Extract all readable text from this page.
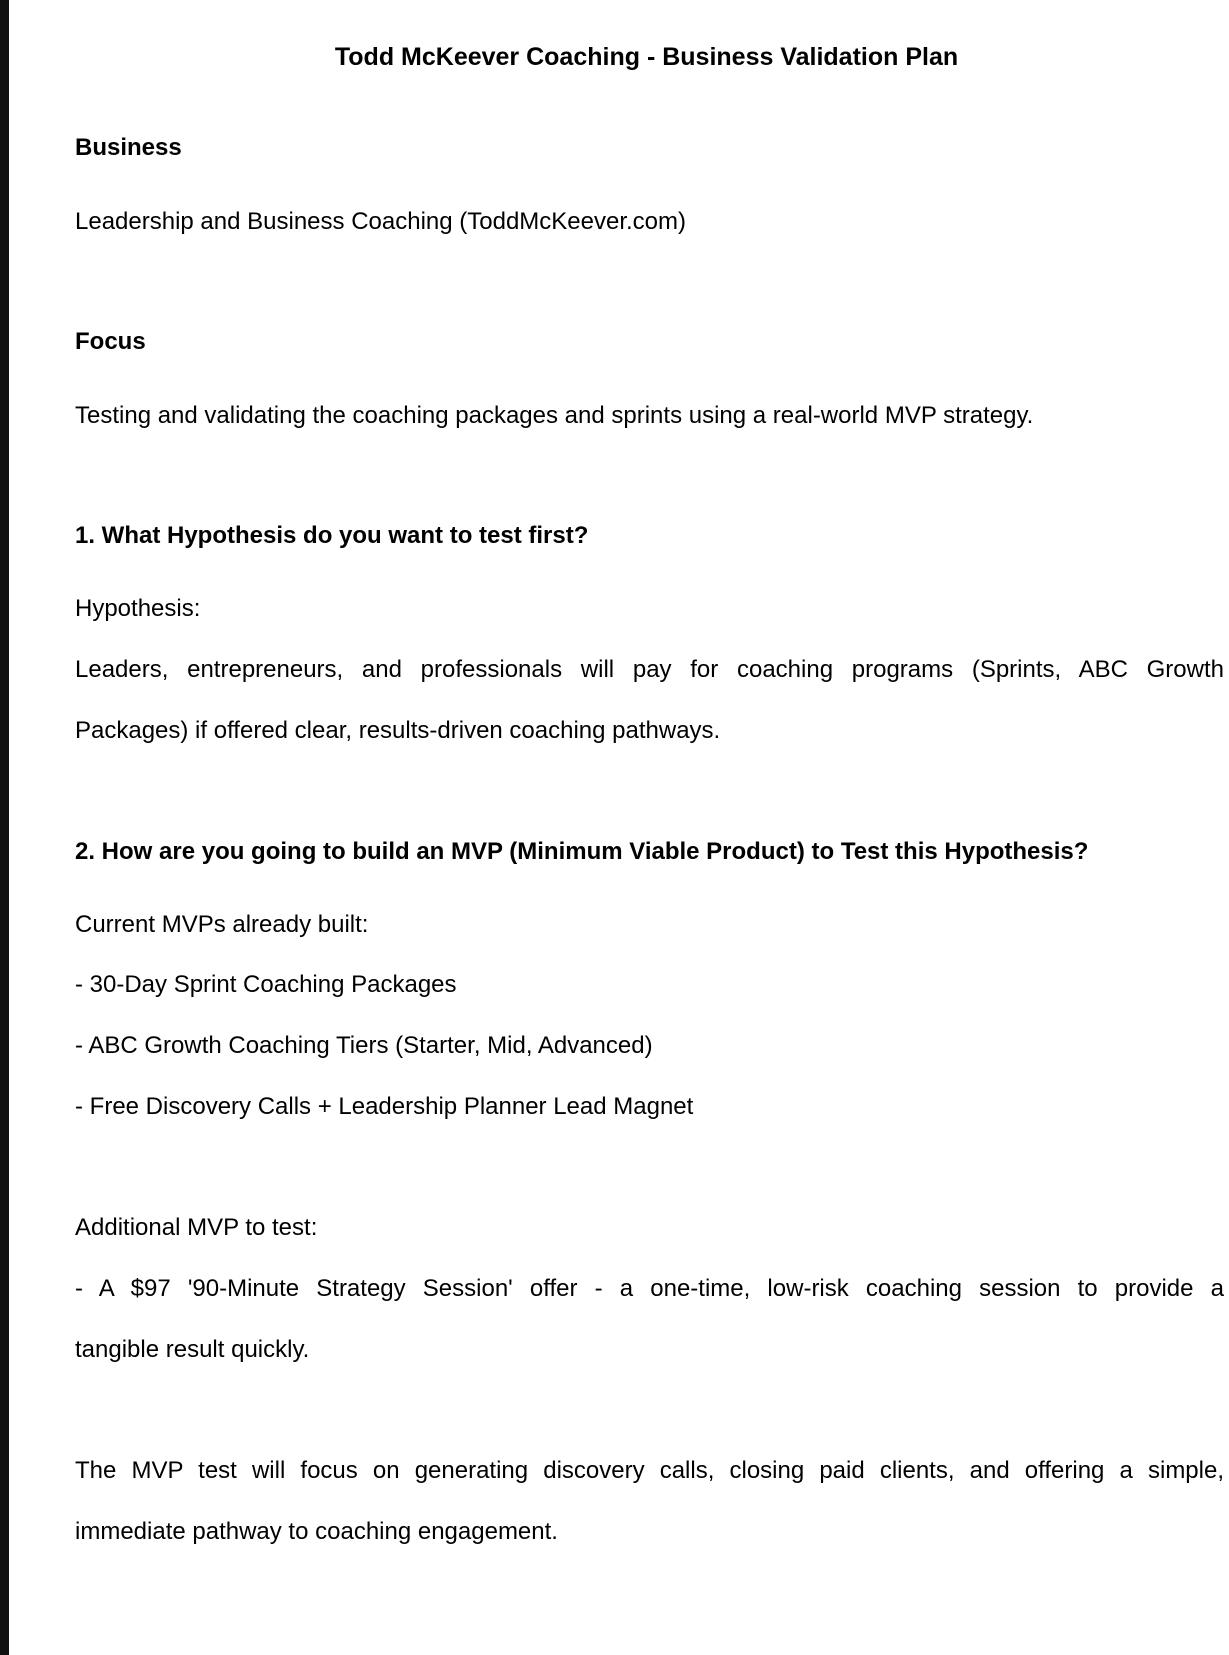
Todd McKeever Coaching - Business Validation Plan
Business
Leadership and Business Coaching (ToddMcKeever.com)
Focus
Testing and validating the coaching packages and sprints using a real-world MVP strategy.
1. What Hypothesis do you want to test first?
Hypothesis:
Leaders, entrepreneurs, and professionals will pay for coaching programs (Sprints, ABC Growth
Packages) if offered clear, results-driven coaching pathways.
2. How are you going to build an MVP (Minimum Viable Product) to Test this Hypothesis?
Current MVPs already built:
- 30-Day Sprint Coaching Packages
- ABC Growth Coaching Tiers (Starter, Mid, Advanced)
- Free Discovery Calls + Leadership Planner Lead Magnet
Additional MVP to test:
- A $97 '90-Minute Strategy Session' offer - a one-time, low-risk coaching session to provide a
tangible result quickly.
The MVP test will focus on generating discovery calls, closing paid clients, and offering a simple,
immediate pathway to coaching engagement.
